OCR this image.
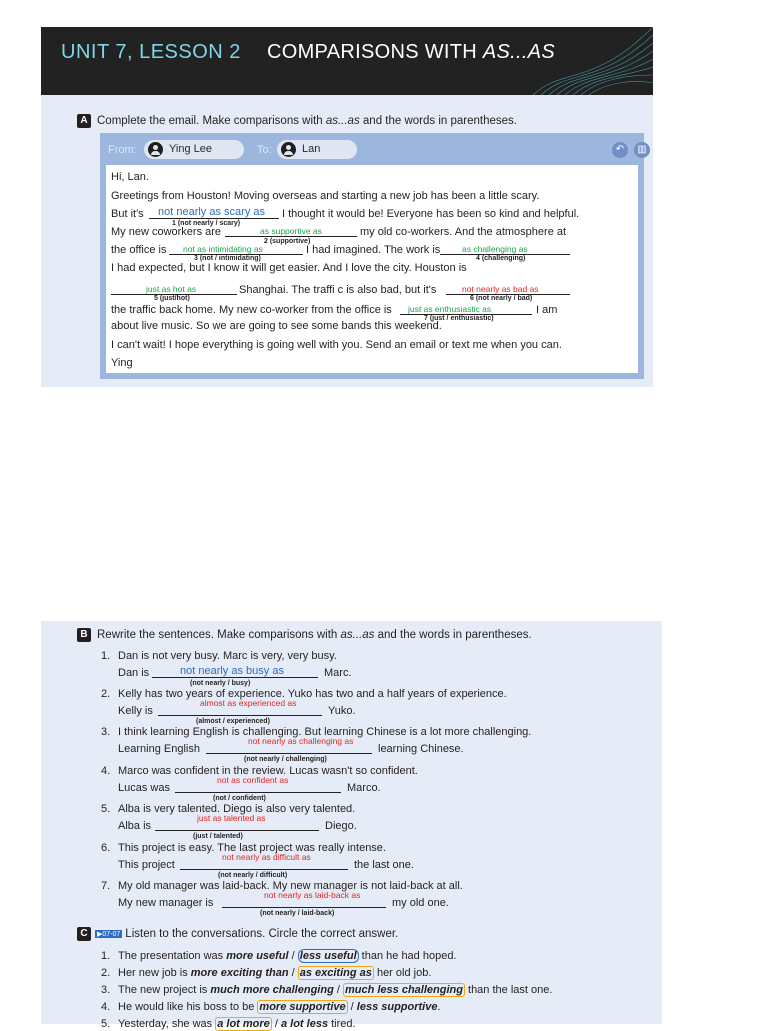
UNIT 7, LESSON 2 COMPARISONS WITH AS...AS
A Complete the email. Make comparisons with as...as and the words in parentheses.
From:	Ying Lee	To:	Lan	↶	▥
Hi, Lan.
Greetings from Houston! Moving overseas and starting a new job has been a little scary.
But it's not nearly as scary as
1 (not nearly / scary)
I thought it would be! Everyone has been so kind and helpful.
My new coworkers are	as supportive as
2 (supportive)
my old co-workers. And the atmosphere at
the office is not as intimidating as
3 (not / intimidating)
I had imagined. The work is	as challenging as
4 (challenging)
I had expected, but I know it will get easier. And I love the city. Houston is
just as hot as
5 (just/hot)
Shanghai. The traffi c is also bad, but it's	not nearly as bad as
6 (not nearly / bad)
the traffic back home. My new co-worker from the office is just as enthusiastic as
7 (just / enthusiastic)
I am
about live music. So we are going to see some bands this weekend.
I can't wait! I hope everything is going well with you. Send an email or text me when you can.
Ying
B Rewrite the sentences. Make comparisons with as...as and the words in parentheses.
1. Dan is not very busy. Marc is very, very busy.
Dan is	not nearly as busy as
(not nearly / busy)
Marc.
2. Kelly has two years of experience. Yuko has two and a half years of experience.
Kelly is
almost as experienced as
(almost / experienced)
Yuko.
3. I think learning English is challenging. But learning Chinese is a lot more challenging.
Learning English
not nearly as challenging as
(not nearly / challenging)
learning Chinese.
4. Marco was confident in the review. Lucas wasn't so confident.
Lucas was
not as confident as
(not / confident)
Marco.
5. Alba is very talented. Diego is also very talented.
Alba is
just as talented as
(just / talented)
Diego.
6. This project is easy. The last project was really intense.
This project
not nearly as difficult as
(not nearly / difficult)
the last one.
7. My old manager was laid-back. My new manager is not laid-back at all.
My new manager is
not nearly as laid-back as
(not nearly / laid-back)
my old one.
C ▶07-07 Listen to the conversations. Circle the correct answer.
1. The presentation was more useful / less useful than he had hoped.
2. Her new job is more exciting than / as exciting as her old job.
3. The new project is much more challenging / much less challenging than the last one.
4. He would like his boss to be more supportive / less supportive.
5. Yesterday, she was a lot more / a lot less tired.
